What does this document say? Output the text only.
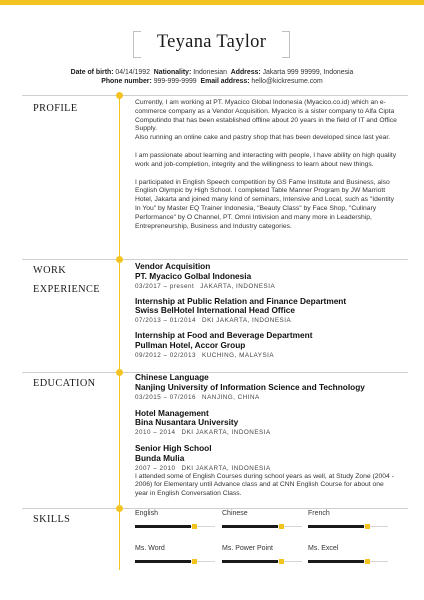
Teyana Taylor
Date of birth: 04/14/1992 Nationality: Indonesian Address: Jakarta 999 99999, Indonesia
Phone number: 999-999-9999 Email address: hello@kickresume.com
PROFILE
Currently, I am working at PT. Myacico Global Indonesia (Myacico.co.id) which an e-commerce company as a Vendor Acquisition. Myacico is a sister company to Alfa Cipta Computindo that has been established offline about 20 years in the field of IT and Office Supply.
Also running an online cake and pastry shop that has been developed since last year.
I am passionate about learning and interacting with people, I have ability on high quality work and job-completion, integrity and the willingness to learn about new things.
I participated in English Speech competition by GS Fame Institute and Business, also English Olympic by High School. I completed Table Manner Program by JW Marriott Hotel, Jakarta and joined many kind of seminars, Intensive and Local, such as "Identity In You" by Master EQ Trainer Indonesia, "Beauty Class" by Face Shop, "Culinary Performance" by O Channel, PT. Omni Intivision and many more in Leadership, Entrepreneurship, Business and Industry categories.
WORK
EXPERIENCE
Vendor Acquisition
PT. Myacico Golbal Indonesia
03/2017 – present JAKARTA, INDONESIA
Internship at Public Relation and Finance Department
Swiss BelHotel International Head Office
07/2013 – 01/2014 DKI JAKARTA, INDONESIA
Internship at Food and Beverage Department
Pullman Hotel, Accor Group
09/2012 – 02/2013 KUCHING, MALAYSIA
EDUCATION
Chinese Language
Nanjing University of Information Science and Technology
03/2015 – 07/2016 NANJING, CHINA
Hotel Management
Bina Nusantara University
2010 – 2014 DKI JAKARTA, INDONESIA
Senior High School
Bunda Mulia
2007 – 2010 DKI JAKARTA, INDONESIA
I attended some of English Courses during school years as well, at Study Zone (2004 - 2006) for Elementary until Advance class and at CNN English Course for about one year in English Conversation Class.
SKILLS
English	Chinese	French
Ms. Word	Ms. Power Point	Ms. Excel
